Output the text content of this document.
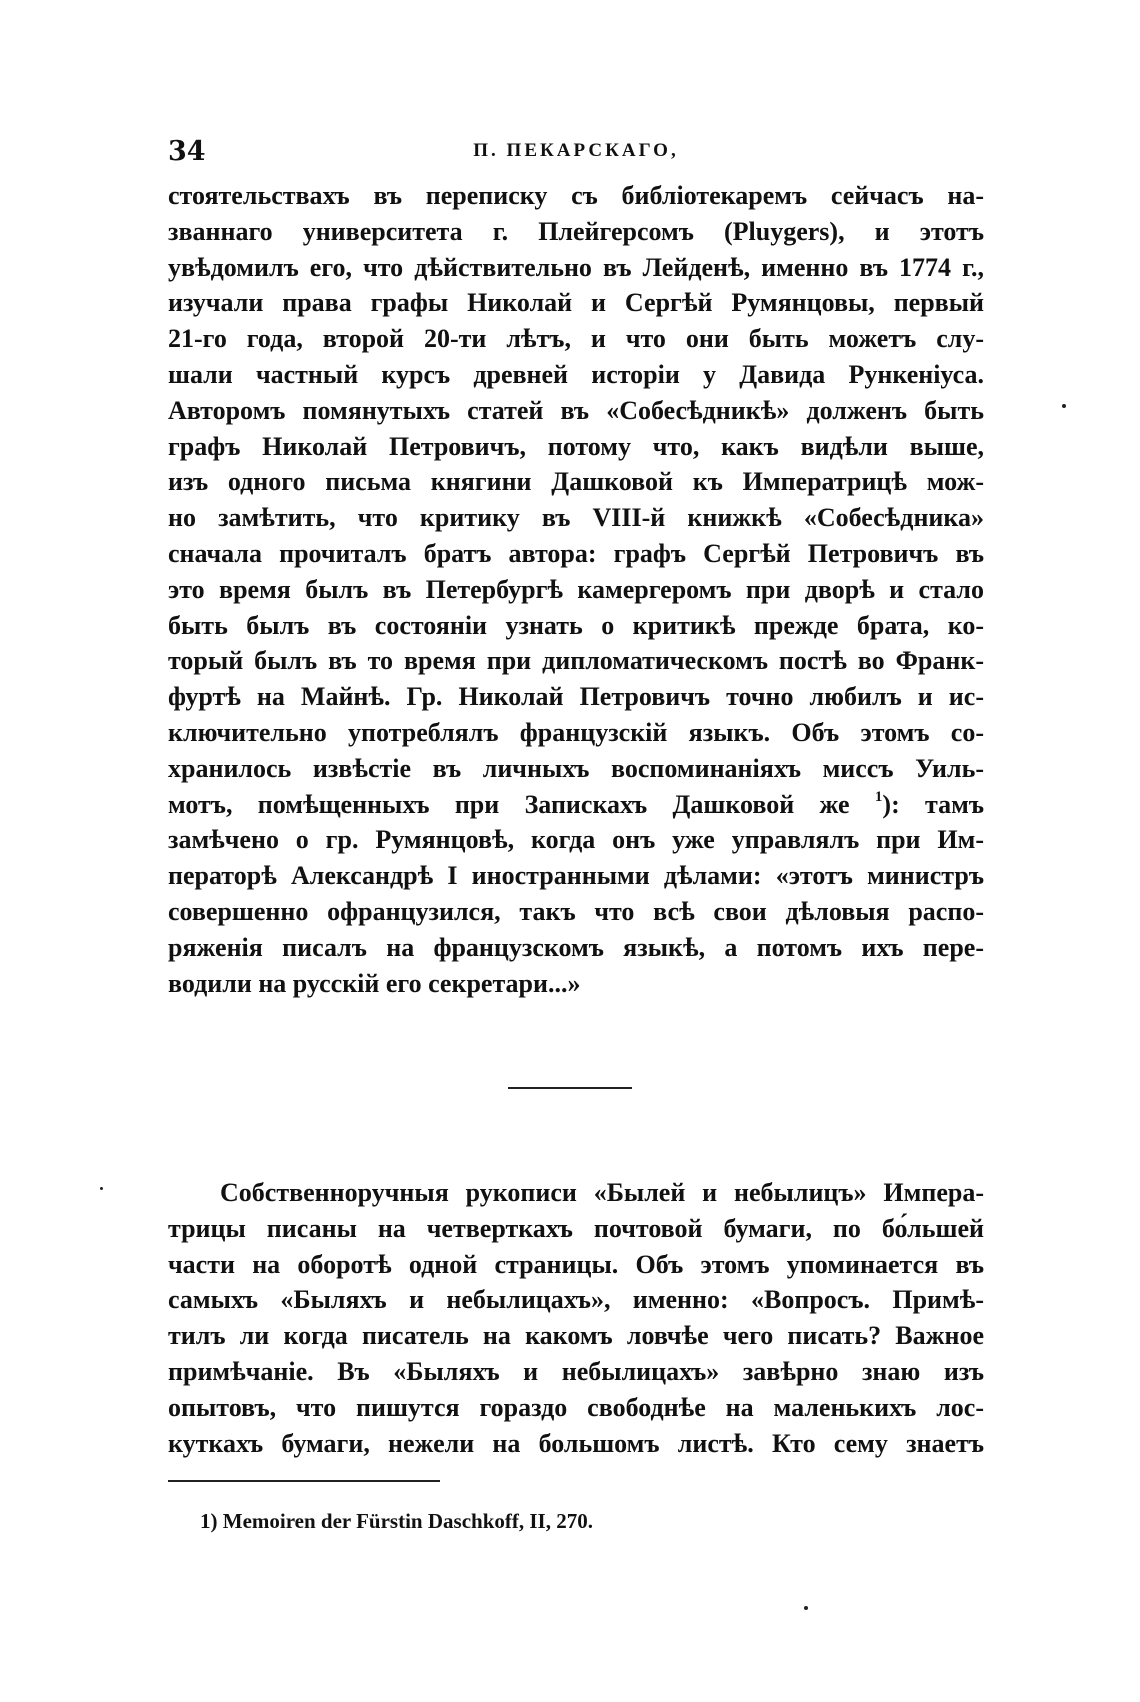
34	П. ПЕКАРСКАГО,
стоятельствахъ въ переписку съ библіотекаремъ сейчасъ на-
званнаго университета г. Плейгерсомъ (Pluygers), и этотъ
увѣдомилъ его, что дѣйствительно въ Лейденѣ, именно въ 1774 г.,
изучали права графы Николай и Сергѣй Румянцовы, первый
21-го года, второй 20-ти лѣтъ, и что они быть можетъ слу-
шали частный курсъ древней исторіи у Давида Рункеніуса.
Авторомъ помянутыхъ статей въ «Собесѣдникѣ» долженъ быть
графъ Николай Петровичъ, потому что, какъ видѣли выше,
изъ одного письма княгини Дашковой къ Императрицѣ мож-
но замѣтить, что критику въ VIII-й книжкѣ «Собесѣдника»
сначала прочиталъ братъ автора: графъ Сергѣй Петровичъ въ
это время былъ въ Петербургѣ камергеромъ при дворѣ и стало
быть былъ въ состояніи узнать о критикѣ прежде брата, ко-
торый былъ въ то время при дипломатическомъ постѣ во Франк-
фуртѣ на Майнѣ. Гр. Николай Петровичъ точно любилъ и ис-
ключительно употреблялъ французскій языкъ. Объ этомъ со-
хранилось извѣстіе въ личныхъ воспоминаніяхъ миссъ Уиль-
мотъ, помѣщенныхъ при Запискахъ Дашковой же $^1$): тамъ
замѣчено о гр. Румянцовѣ, когда онъ уже управлялъ при Им-
ператорѣ Александрѣ I иностранными дѣлами: «этотъ министръ
совершенно офранцузился, такъ что всѣ свои дѣловыя распо-
ряженія писалъ на французскомъ языкѣ, а потомъ ихъ пере-
водили на русскій его секретари...»
Собственноручныя рукописи «Былей и небылицъ» Импера-
трицы писаны на четверткахъ почтовой бумаги, по бо́льшей
части на оборотѣ одной страницы. Объ этомъ упоминается въ
самыхъ «Быляхъ и небылицахъ», именно: «Вопросъ. Примѣ-
тилъ ли когда писатель на какомъ ловчѣе чего писать? Важное
примѣчаніе. Въ «Быляхъ и небылицахъ» завѣрно знаю изъ
опытовъ, что пишутся гораздо свободнѣе на маленькихъ лос-
куткахъ бумаги, нежели на большомъ листѣ. Кто сему знаетъ
1) Memoiren der Fürstin Daschkoff, II, 270.
